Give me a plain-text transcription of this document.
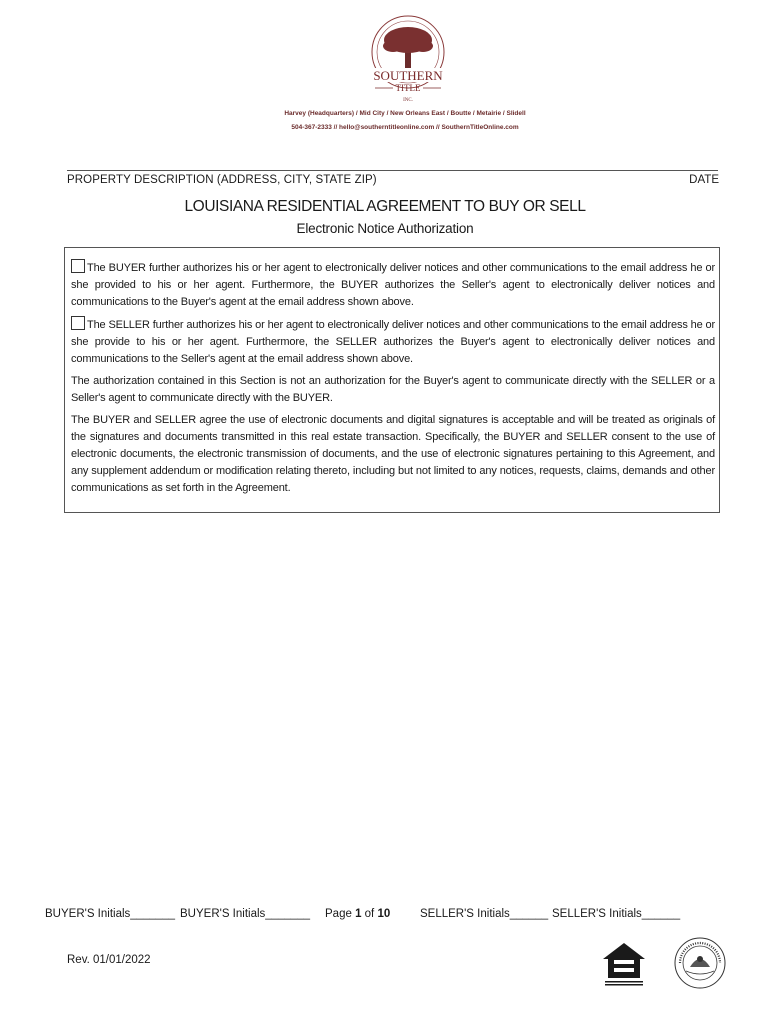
SOUTHERN
TITLE
INC.
Harvey (Headquarters) / Mid City / New Orleans East / Boutte / Metairie / Slidell
504-367-2333 // hello@southerntitleonline.com // SouthernTitleOnline.com
PROPERTY DESCRIPTION (ADDRESS, CITY, STATE ZIP)	DATE
LOUISIANA RESIDENTIAL AGREEMENT TO BUY OR SELL
Electronic Notice Authorization

The BUYER further authorizes his or her agent to electronically deliver notices and other communications to the email address he or she provided to his or her agent. Furthermore, the BUYER authorizes the Seller's agent to electronically deliver notices and communications to the Buyer's agent at the email address shown above.

The SELLER further authorizes his or her agent to electronically deliver notices and other communications to the email address he or she provide to his or her agent. Furthermore, the SELLER authorizes the Buyer's agent to electronically deliver notices and communications to the Seller's agent at the email address shown above.

The authorization contained in this Section is not an authorization for the Buyer's agent to communicate directly with the SELLER or a Seller's agent to communicate directly with the BUYER.

The BUYER and SELLER agree the use of electronic documents and digital signatures is acceptable and will be treated as originals of the signatures and documents transmitted in this real estate transaction. Specifically, the BUYER and SELLER consent to the use of electronic documents, the electronic transmission of documents, and the use of electronic signatures pertaining to this Agreement, and any supplement addendum or modification relating thereto, including but not limited to any notices, requests, claims, demands and other communications as set forth in the Agreement.

BUYER'S Initials_______ BUYER'S Initials_______ Page 1 of 10	SELLER'S Initials______ SELLER'S Initials______
Rev. 01/01/2022
